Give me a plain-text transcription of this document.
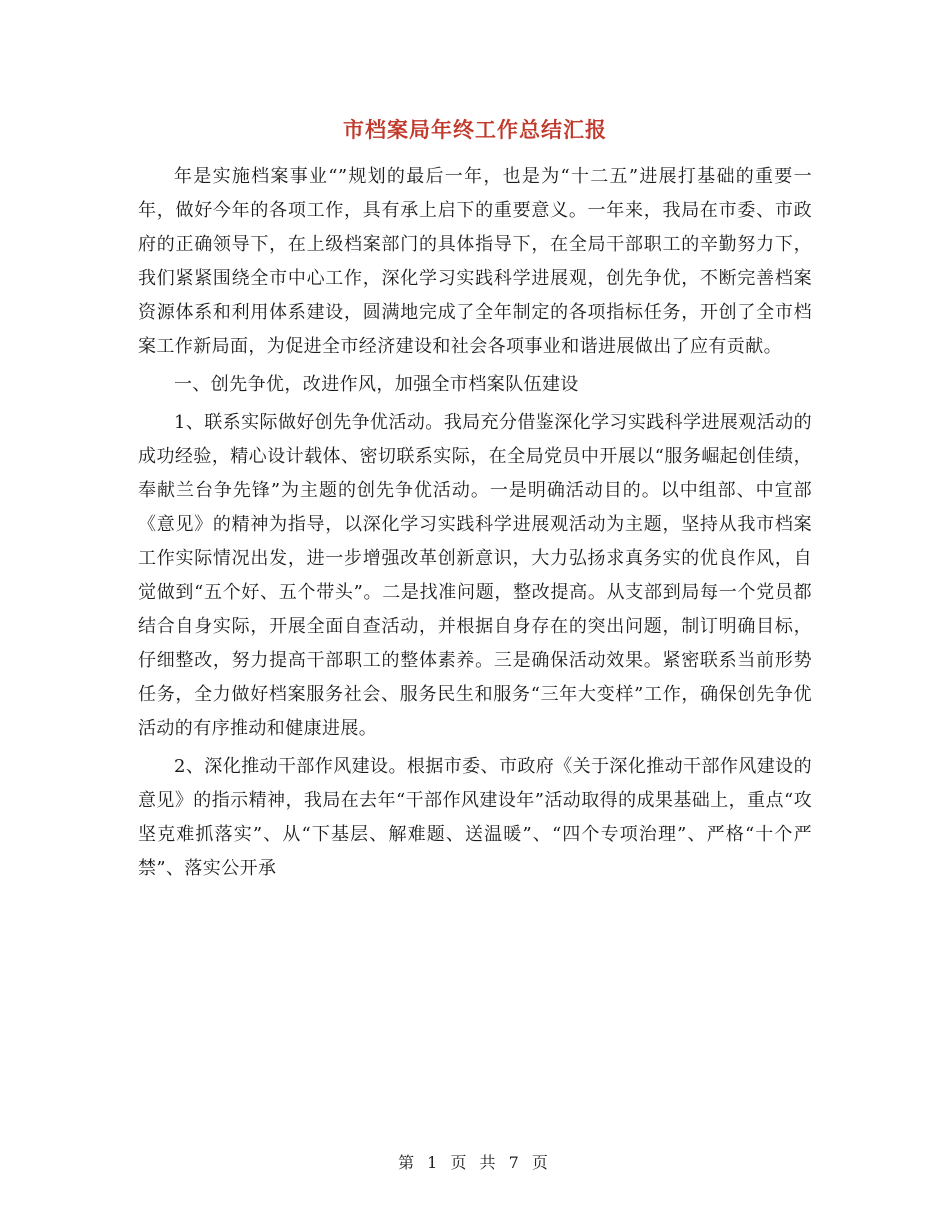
市档案局年终工作总结汇报

年是实施档案事业“”规划的最后一年，也是为“十二五”进展打基础的重要一年，做好今年的各项工作，具有承上启下的重要意义。一年来，我局在市委、市政府的正确领导下，在上级档案部门的具体指导下，在全局干部职工的辛勤努力下，我们紧紧围绕全市中心工作，深化学习实践科学进展观，创先争优，不断完善档案资源体系和利用体系建设，圆满地完成了全年制定的各项指标任务，开创了全市档案工作新局面，为促进全市经济建设和社会各项事业和谐进展做出了应有贡献。

一、创先争优，改进作风，加强全市档案队伍建设

1、联系实际做好创先争优活动。我局充分借鉴深化学习实践科学进展观活动的成功经验，精心设计载体、密切联系实际，在全局党员中开展以“服务崛起创佳绩，奉献兰台争先锋”为主题的创先争优活动。一是明确活动目的。以中组部、中宣部《意见》的精神为指导，以深化学习实践科学进展观活动为主题，坚持从我市档案工作实际情况出发，进一步增强改革创新意识，大力弘扬求真务实的优良作风，自觉做到“五个好、五个带头”。二是找准问题，整改提高。从支部到局每一个党员都结合自身实际，开展全面自查活动，并根据自身存在的突出问题，制订明确目标，仔细整改，努力提高干部职工的整体素养。三是确保活动效果。紧密联系当前形势任务，全力做好档案服务社会、服务民生和服务“三年大变样”工作，确保创先争优活动的有序推动和健康进展。

2、深化推动干部作风建设。根据市委、市政府《关于深化推动干部作风建设的意见》的指示精神，我局在去年“干部作风建设年”活动取得的成果基础上，重点“攻坚克难抓落实”、从“下基层、解难题、送温暖”、“四个专项治理”、严格“十个严禁”、落实公开承

第 1 页 共 7 页
